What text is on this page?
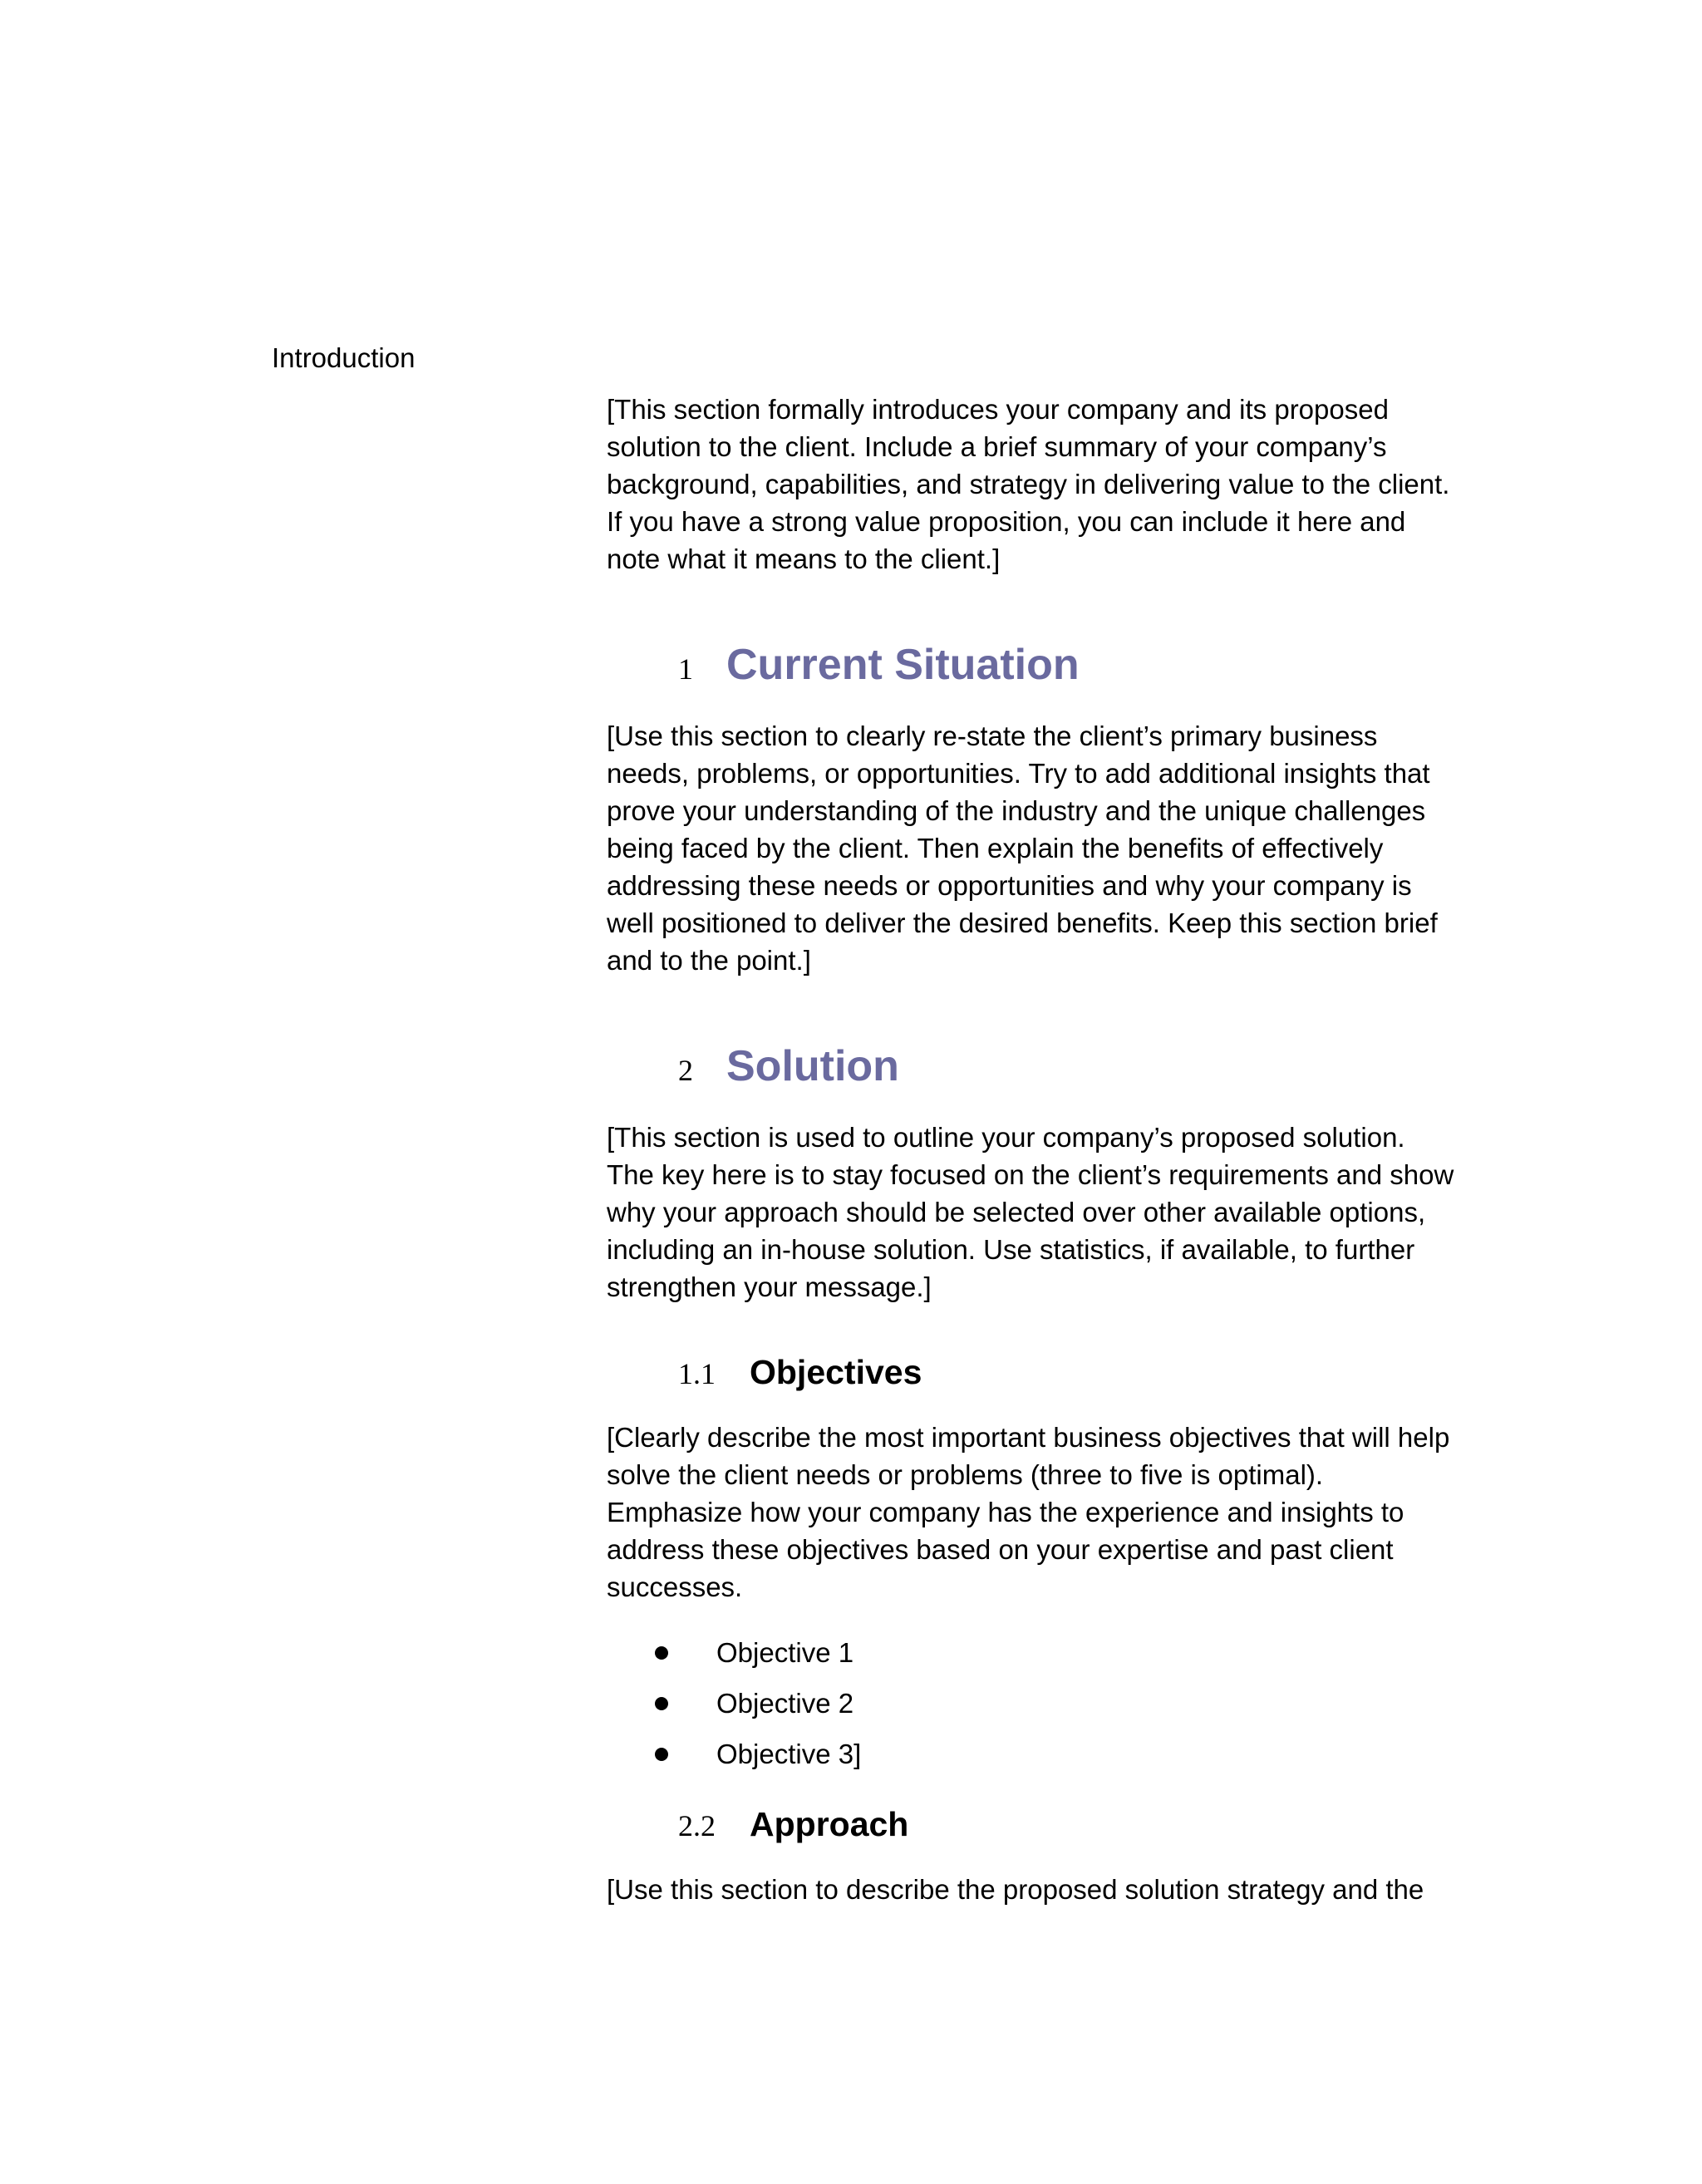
Introduction

[This section formally introduces your company and its proposed solution to the client. Include a brief summary of your company’s background, capabilities, and strategy in delivering value to the client. If you have a strong value proposition, you can include it here and note what it means to the client.]

1 Current Situation

[Use this section to clearly re-state the client’s primary business needs, problems, or opportunities. Try to add additional insights that prove your understanding of the industry and the unique challenges being faced by the client. Then explain the benefits of effectively addressing these needs or opportunities and why your company is well positioned to deliver the desired benefits. Keep this section brief and to the point.]

2 Solution

[This section is used to outline your company’s proposed solution. The key here is to stay focused on the client’s requirements and show why your approach should be selected over other available options, including an in-house solution. Use statistics, if available, to further strengthen your message.]

1.1	Objectives

[Clearly describe the most important business objectives that will help solve the client needs or problems (three to five is optimal). Emphasize how your company has the experience and insights to address these objectives based on your expertise and past client successes.

Objective 1
Objective 2
Objective 3]
2.2	Approach

[Use this section to describe the proposed solution strategy and the
